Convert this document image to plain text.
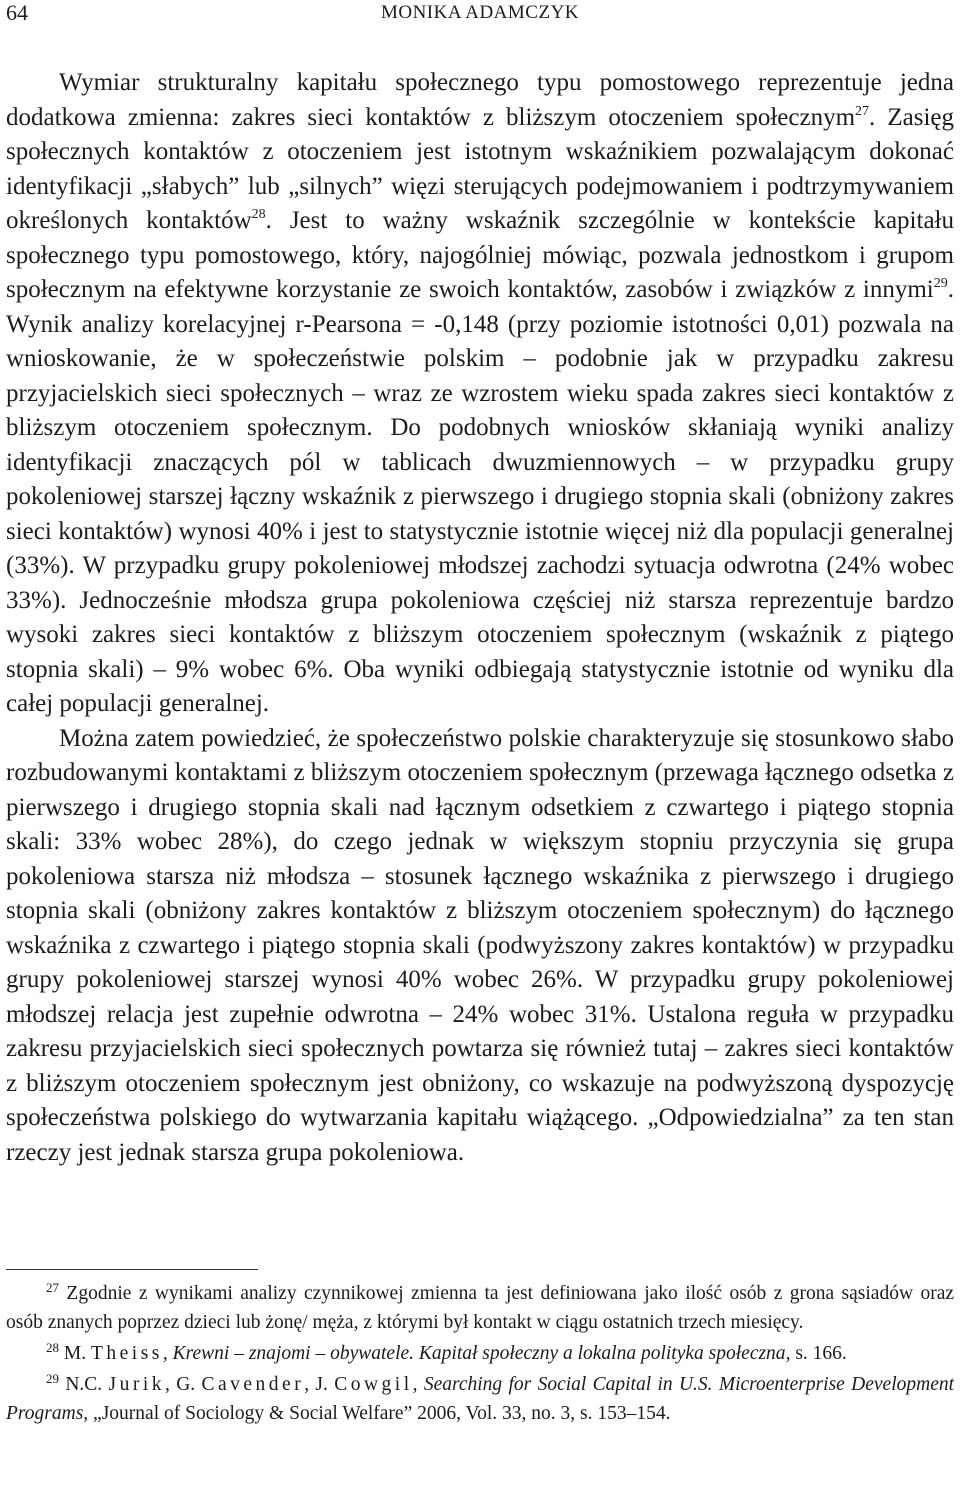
64	MONIKA ADAMCZYK

Wymiar strukturalny kapitału społecznego typu pomostowego reprezentuje jedna dodatkowa zmienna: zakres sieci kontaktów z bliższym otoczeniem społecznym$^{27}$. Zasięg społecznych kontaktów z otoczeniem jest istotnym wskaźnikiem pozwalającym dokonać identyfikacji „słabych” lub „silnych” więzi sterujących podejmowaniem i podtrzymywaniem określonych kontaktów$^{28}$. Jest to ważny wskaźnik szczególnie w kontekście kapitału społecznego typu pomostowego, który, najogólniej mówiąc, pozwala jednostkom i grupom społecznym na efektywne korzystanie ze swoich kontaktów, zasobów i związków z innymi$^{29}$. Wynik analizy korelacyjnej r-Pearsona = -0,148 (przy poziomie istotności 0,01) pozwala na wnioskowanie, że w społeczeństwie polskim – podobnie jak w przypadku zakresu przyjacielskich sieci społecznych – wraz ze wzrostem wieku spada zakres sieci kontaktów z bliższym otoczeniem społecznym. Do podobnych wniosków skłaniają wyniki analizy identyfikacji znaczących pól w tablicach dwuzmiennowych – w przypadku grupy pokoleniowej starszej łączny wskaźnik z pierwszego i drugiego stopnia skali (obniżony zakres sieci kontaktów) wynosi 40% i jest to statystycznie istotnie więcej niż dla populacji generalnej (33%). W przypadku grupy pokoleniowej młodszej zachodzi sytuacja odwrotna (24% wobec 33%). Jednocześnie młodsza grupa pokoleniowa częściej niż starsza reprezentuje bardzo wysoki zakres sieci kontaktów z bliższym otoczeniem społecznym (wskaźnik z piątego stopnia skali) – 9% wobec 6%. Oba wyniki odbiegają statystycznie istotnie od wyniku dla całej populacji generalnej.

Można zatem powiedzieć, że społeczeństwo polskie charakteryzuje się stosunkowo słabo rozbudowanymi kontaktami z bliższym otoczeniem społecznym (przewaga łącznego odsetka z pierwszego i drugiego stopnia skali nad łącznym odsetkiem z czwartego i piątego stopnia skali: 33% wobec 28%), do czego jednak w większym stopniu przyczynia się grupa pokoleniowa starsza niż młodsza – stosunek łącznego wskaźnika z pierwszego i drugiego stopnia skali (obniżony zakres kontaktów z bliższym otoczeniem społecznym) do łącznego wskaźnika z czwartego i piątego stopnia skali (podwyższony zakres kontaktów) w przypadku grupy pokoleniowej starszej wynosi 40% wobec 26%. W przypadku grupy pokoleniowej młodszej relacja jest zupełnie odwrotna – 24% wobec 31%. Ustalona reguła w przypadku zakresu przyjacielskich sieci społecznych powtarza się również tutaj – zakres sieci kontaktów z bliższym otoczeniem społecznym jest obniżony, co wskazuje na podwyższoną dyspozycję społeczeństwa polskiego do wytwarzania kapitału wiążącego. „Odpowiedzialna” za ten stan rzeczy jest jednak starsza grupa pokoleniowa.

$^{27}$ Zgodnie z wynikami analizy czynnikowej zmienna ta jest definiowana jako ilość osób z grona sąsiadów oraz osób znanych poprzez dzieci lub żonę/ męża, z którymi był kontakt w ciągu ostatnich trzech miesięcy.

$^{28}$ M. Theiss, Krewni – znajomi – obywatele. Kapitał społeczny a lokalna polityka społeczna, s. 166.

$^{29}$ N.C. Jurik, G. Cavender, J. Cowgil, Searching for Social Capital in U.S. Microenterprise Development Programs, „Journal of Sociology & Social Welfare” 2006, Vol. 33, no. 3, s. 153–154.
